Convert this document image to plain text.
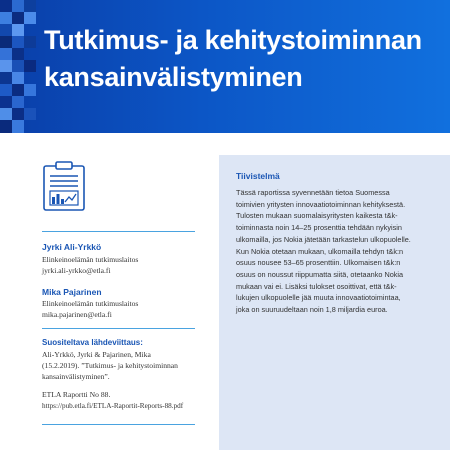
Tutkimus- ja kehitystoiminnan
kansainvälistyminen
Jyrki Ali-Yrkkö
Elinkeinoelämän tutkimuslaitos
jyrki.ali-yrkko@etla.fi
Mika Pajarinen
Elinkeinoelämän tutkimuslaitos
mika.pajarinen@etla.fi
Suositeltava lähdeviittaus:
Ali-Yrkkö, Jyrki & Pajarinen, Mika
(15.2.2019). ”Tutkimus- ja kehitystoiminnan
kansainvälistyminen”.
ETLA Raportti No 88.
https://pub.etla.fi/ETLA-Raportit-Reports-88.pdf
Tiivistelmä

Tässä raportissa syvennetään tietoa Suomessa toimivien yritysten innovaatiotoiminnan kehityksestä. Tulosten mukaan suomalaisyritysten kaikesta t&k-toiminnasta noin 14–25 prosenttia tehdään nykyisin ulkomailla, jos Nokia jätetään tarkastelun ulkopuolelle. Kun Nokia otetaan mukaan, ulkomailla tehdyn t&k:n osuus nousee 53–65 prosenttiin. Ulkomaisen t&k:n osuus on noussut riippumatta siitä, otetaanko Nokia mukaan vai ei. Lisäksi tulokset osoittivat, että t&k-lukujen ulkopuolelle jää muuta innovaatiotoimintaa, joka on suuruudeltaan noin 1,8 miljardia euroa.
